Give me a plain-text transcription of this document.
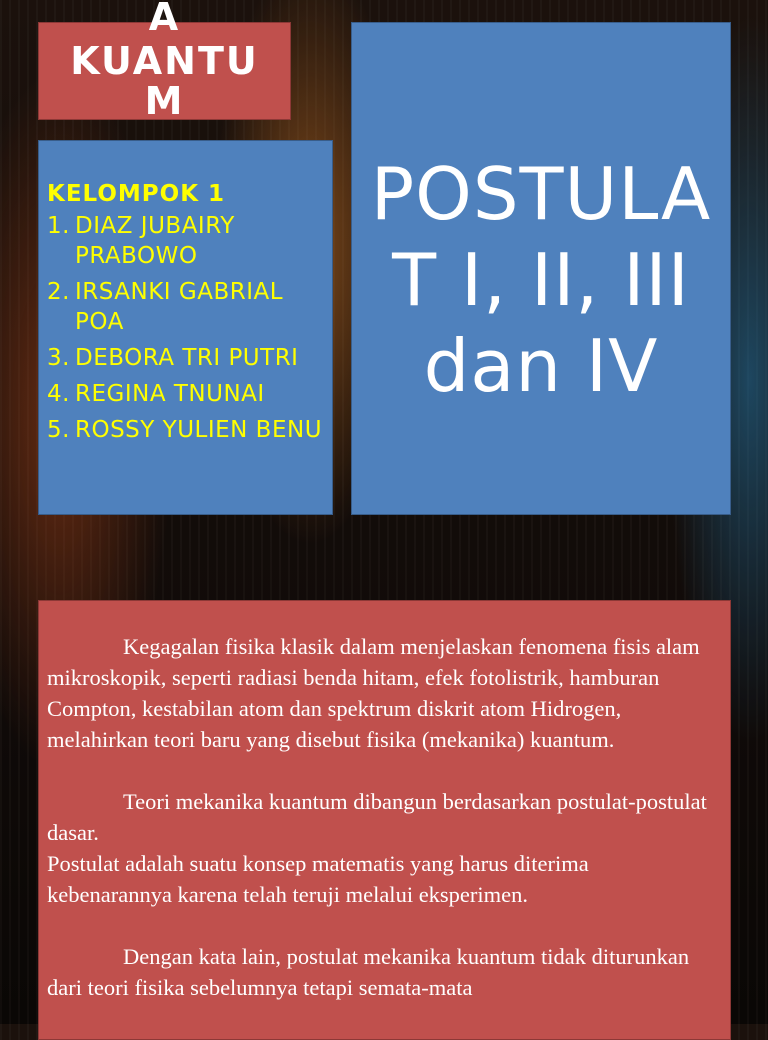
A
KUANTU
M
KELOMPOK 1
1. DIAZ JUBAIRY PRABOWO
2. IRSANKI GABRIAL POA
3. DEBORA TRI PUTRI
4. REGINA TNUNAI
5. ROSSY YULIEN BENU
POSTULA
T I, II, III
dan IV

Kegagalan fisika klasik dalam menjelaskan fenomena fisis alam mikroskopik, seperti radiasi benda hitam, efek fotolistrik, hamburan Compton, kestabilan atom dan spektrum diskrit atom Hidrogen, melahirkan teori baru yang disebut fisika (mekanika) kuantum.

Teori mekanika kuantum dibangun berdasarkan postulat-postulat dasar.

Postulat adalah suatu konsep matematis yang harus diterima kebenarannya karena telah teruji melalui eksperimen.

Dengan kata lain, postulat mekanika kuantum tidak diturunkan dari teori fisika sebelumnya tetapi semata-mata
